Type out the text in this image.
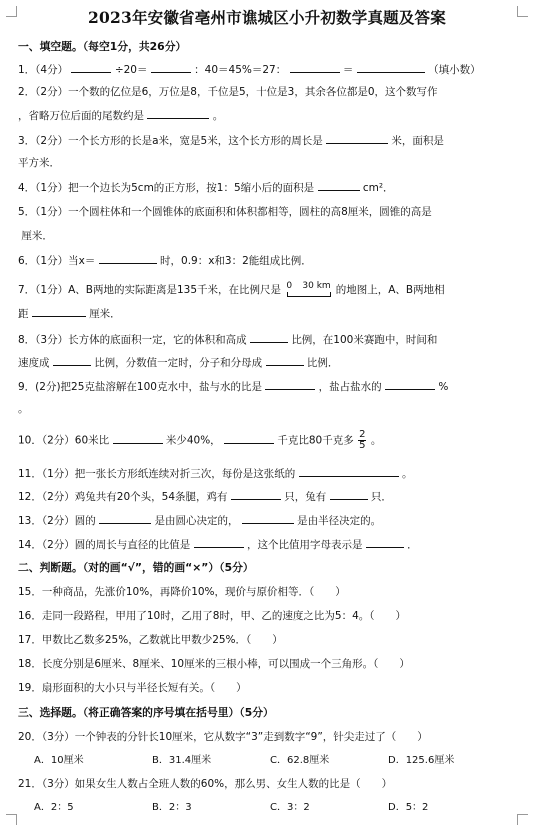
2023年安徽省亳州市谯城区小升初数学真题及答案
一、填空题。（每空1分，共26分）
1．（4分）	÷20＝	：40＝45%＝27：	＝	（填小数）
2．（2分）一个数的亿位是6，万位是8，千位是5，十位是3，其余各位都是0，这个数写作
，省略万位后面的尾数约是	。
3．（2分）一个长方形的长是a米，宽是5米，这个长方形的周长是	米，面积是
平方米．
4．（1分）把一个边长为5cm的正方形，按1：5缩小后的面积是	cm²．
5．（1分）一个圆柱体和一个圆锥体的底面积和体积都相等，圆柱的高8厘米，圆锥的高是
厘米．
6．（1分）当x＝	时，0.9：x和3：2能组成比例．
7．（1分）A、B两地的实际距离是135千米，在比例尺是 0 30 km 的地图上，A、B两地相
距	厘米．
8．（3分）长方体的底面积一定，它的体积和高成	比例，在100米赛跑中，时间和
速度成	比例，分数值一定时，分子和分母成	比例．
9．(2分)把25克盐溶解在100克水中，盐与水的比是	，盐占盐水的	%
。
10．（2分）60米比	米少40%，	千克比80千克多 $\frac{2}{5}$ 。
11．（1分）把一张长方形纸连续对折三次，每份是这张纸的	。
12．（2分）鸡兔共有20个头，54条腿，鸡有	只，兔有	只．
13．（2分）圆的	是由圆心决定的，	是由半径决定的。
14．（2分）圆的周长与直径的比值是	，这个比值用字母表示是	．
二、判断题。（对的画“√”，错的画“×”）（5分）
15．一种商品，先涨价10%，再降价10%，现价与原价相等．（　　）
16．走同一段路程，甲用了10时，乙用了8时，甲、乙的速度之比为5：4。（　　）
17．甲数比乙数多25%，乙数就比甲数少25%．（　　）
18．长度分别是6厘米、8厘米、10厘米的三根小棒，可以围成一个三角形。（　　）
19．扇形面积的大小只与半径长短有关。（　　）
三、选择题。（将正确答案的序号填在括号里）（5分）
20．（3分）一个钟表的分针长10厘米，它从数字“3”走到数字“9”，针尖走过了（　　）
A．10厘米	B．31.4厘米	C．62.8厘米	D．125.6厘米
21．（3分）如果女生人数占全班人数的60%，那么男、女生人数的比是（　　）
A．2：5	B．2：3	C．3：2	D．5：2
